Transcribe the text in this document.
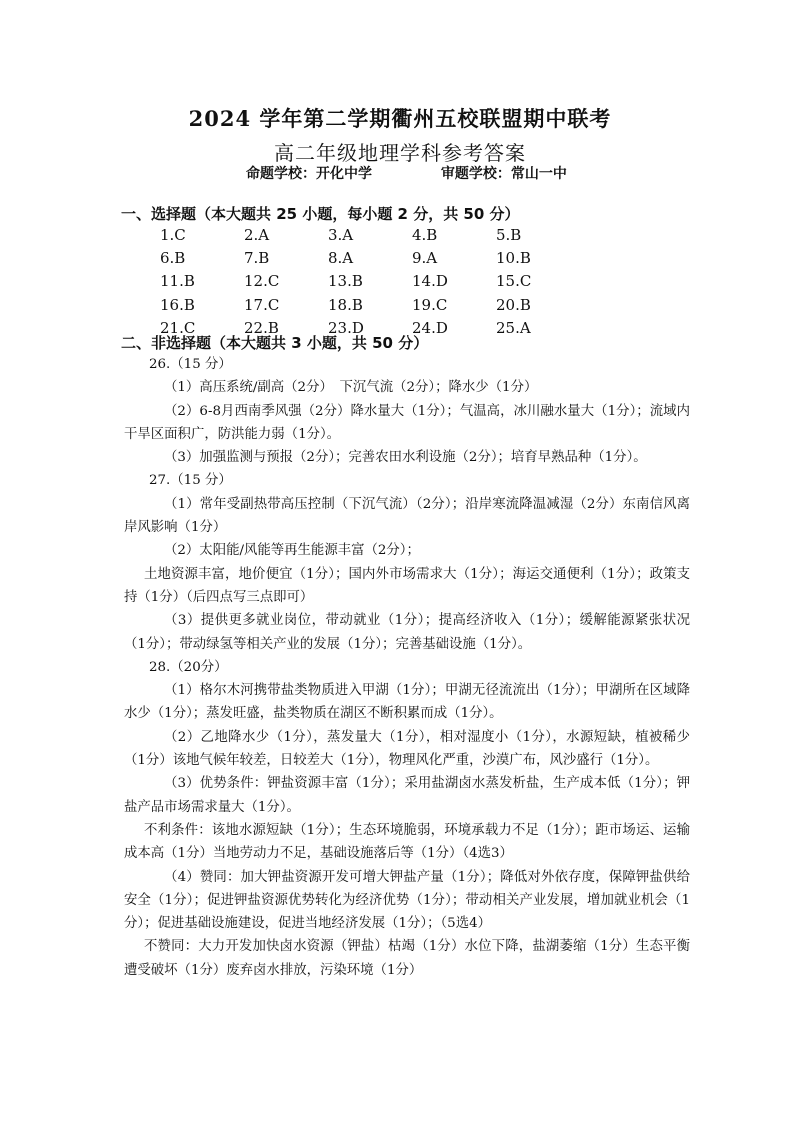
2024 学年第二学期衢州五校联盟期中联考
高二年级地理学科参考答案
命题学校：开化中学	审题学校：常山一中
一、选择题（本大题共 25 小题，每小题 2 分，共 50 分）
1.C	2.A	3.A	4.B	5.B
6.B	7.B	8.A	9.A	10.B
11.B	12.C	13.B	14.D	15.C
16.B	17.C	18.B	19.C	20.B
21.C	22.B	23.D	24.D	25.A
二、非选择题（本大题共 3 小题，共 50 分）

26.（15 分）

（1）高压系统/副高（2分）　下沉气流（2分）；降水少（1分）

（2）6-8月西南季风强（2分）降水量大（1分）；气温高，冰川融水量大（1分）；流域内干旱区面积广，防洪能力弱（1分）。

（3）加强监测与预报（2分）；完善农田水利设施（2分）；培育早熟品种（1分）。

27.（15 分）

（1）常年受副热带高压控制（下沉气流）（2分）；沿岸寒流降温减湿（2分）东南信风离岸风影响（1分）

（2）太阳能/风能等再生能源丰富（2分）；

土地资源丰富，地价便宜（1分）；国内外市场需求大（1分）；海运交通便利（1分）；政策支持（1分）（后四点写三点即可）

（3）提供更多就业岗位，带动就业（1分）；提高经济收入（1分）；缓解能源紧张状况（1分）；带动绿氢等相关产业的发展（1分）；完善基础设施（1分）。

28.（20分）

（1）格尔木河携带盐类物质进入甲湖（1分）；甲湖无径流流出（1分）；甲湖所在区域降水少（1分）；蒸发旺盛，盐类物质在湖区不断积累而成（1分）。

（2）乙地降水少（1分），蒸发量大（1分），相对湿度小（1分），水源短缺，植被稀少（1分）该地气候年较差，日较差大（1分），物理风化严重，沙漠广布，风沙盛行（1分）。

（3）优势条件：钾盐资源丰富（1分）；采用盐湖卤水蒸发析盐，生产成本低（1分）；钾盐产品市场需求量大（1分）。

不利条件：该地水源短缺（1分）；生态环境脆弱，环境承载力不足（1分）；距市场运、运输成本高（1分）当地劳动力不足，基础设施落后等（1分）（4选3）

（4）赞同：加大钾盐资源开发可增大钾盐产量（1分）；降低对外依存度，保障钾盐供给安全（1分）；促进钾盐资源优势转化为经济优势（1分）；带动相关产业发展，增加就业机会（1分）；促进基础设施建设，促进当地经济发展（1分）；（5选4）

不赞同：大力开发加快卤水资源（钾盐）枯竭（1分）水位下降，盐湖萎缩（1分）生态平衡遭受破坏（1分）废弃卤水排放，污染环境（1分）
